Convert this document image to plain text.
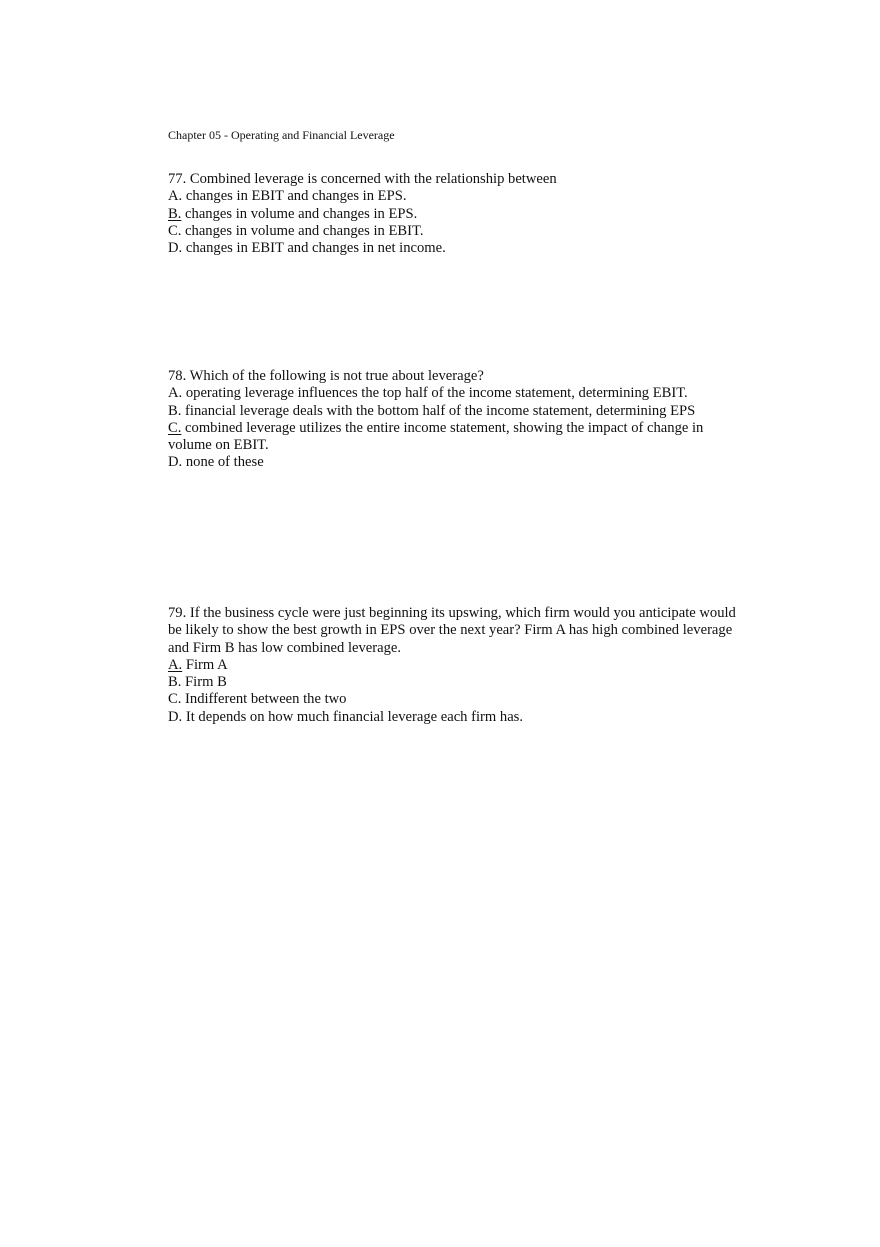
Chapter 05 - Operating and Financial Leverage

77. Combined leverage is concerned with the relationship between

A. changes in EBIT and changes in EPS.

B. changes in volume and changes in EPS.

C. changes in volume and changes in EBIT.

D. changes in EBIT and changes in net income.

78. Which of the following is not true about leverage?

A. operating leverage influences the top half of the income statement, determining EBIT.

B. financial leverage deals with the bottom half of the income statement, determining EPS

C. combined leverage utilizes the entire income statement, showing the impact of change in volume on EBIT.

D. none of these

79. If the business cycle were just beginning its upswing, which firm would you anticipate would be likely to show the best growth in EPS over the next year? Firm A has high combined leverage and Firm B has low combined leverage.

A. Firm A

B. Firm B

C. Indifferent between the two

D. It depends on how much financial leverage each firm has.
